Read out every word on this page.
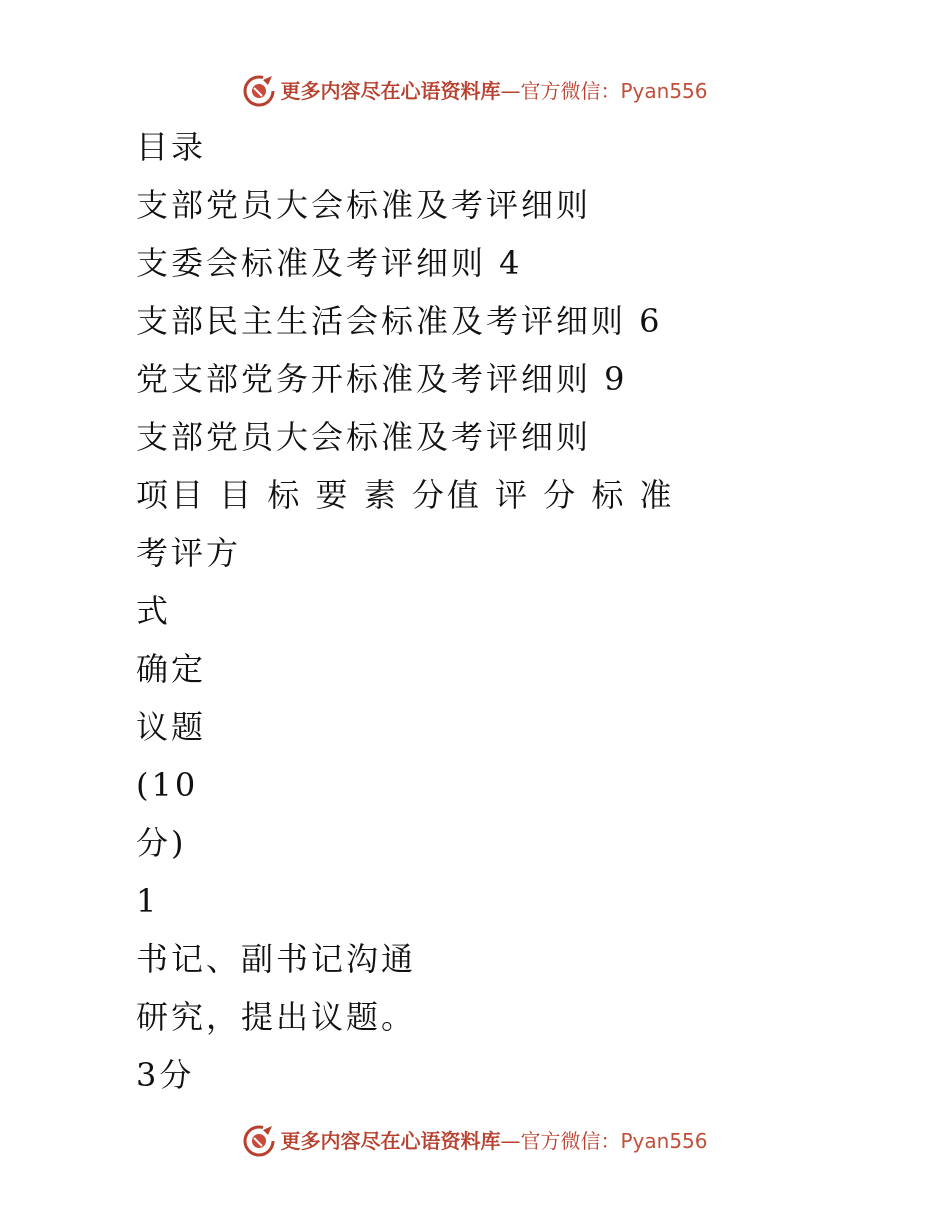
更多内容尽在心语资料库 — 官方微信： Pyan556
目录
支部党员大会标准及考评细则
支委会标准及考评细则 4
支部民主生活会标准及考评细则 6
党支部党务开标准及考评细则 9
支部党员大会标准及考评细则
项目 目 标 要 素 分值 评 分 标 准
考评方
式
确定
议题
(10
分)
1
书记、副书记沟通
研究，提出议题。
3分
更多内容尽在心语资料库 — 官方微信： Pyan556
